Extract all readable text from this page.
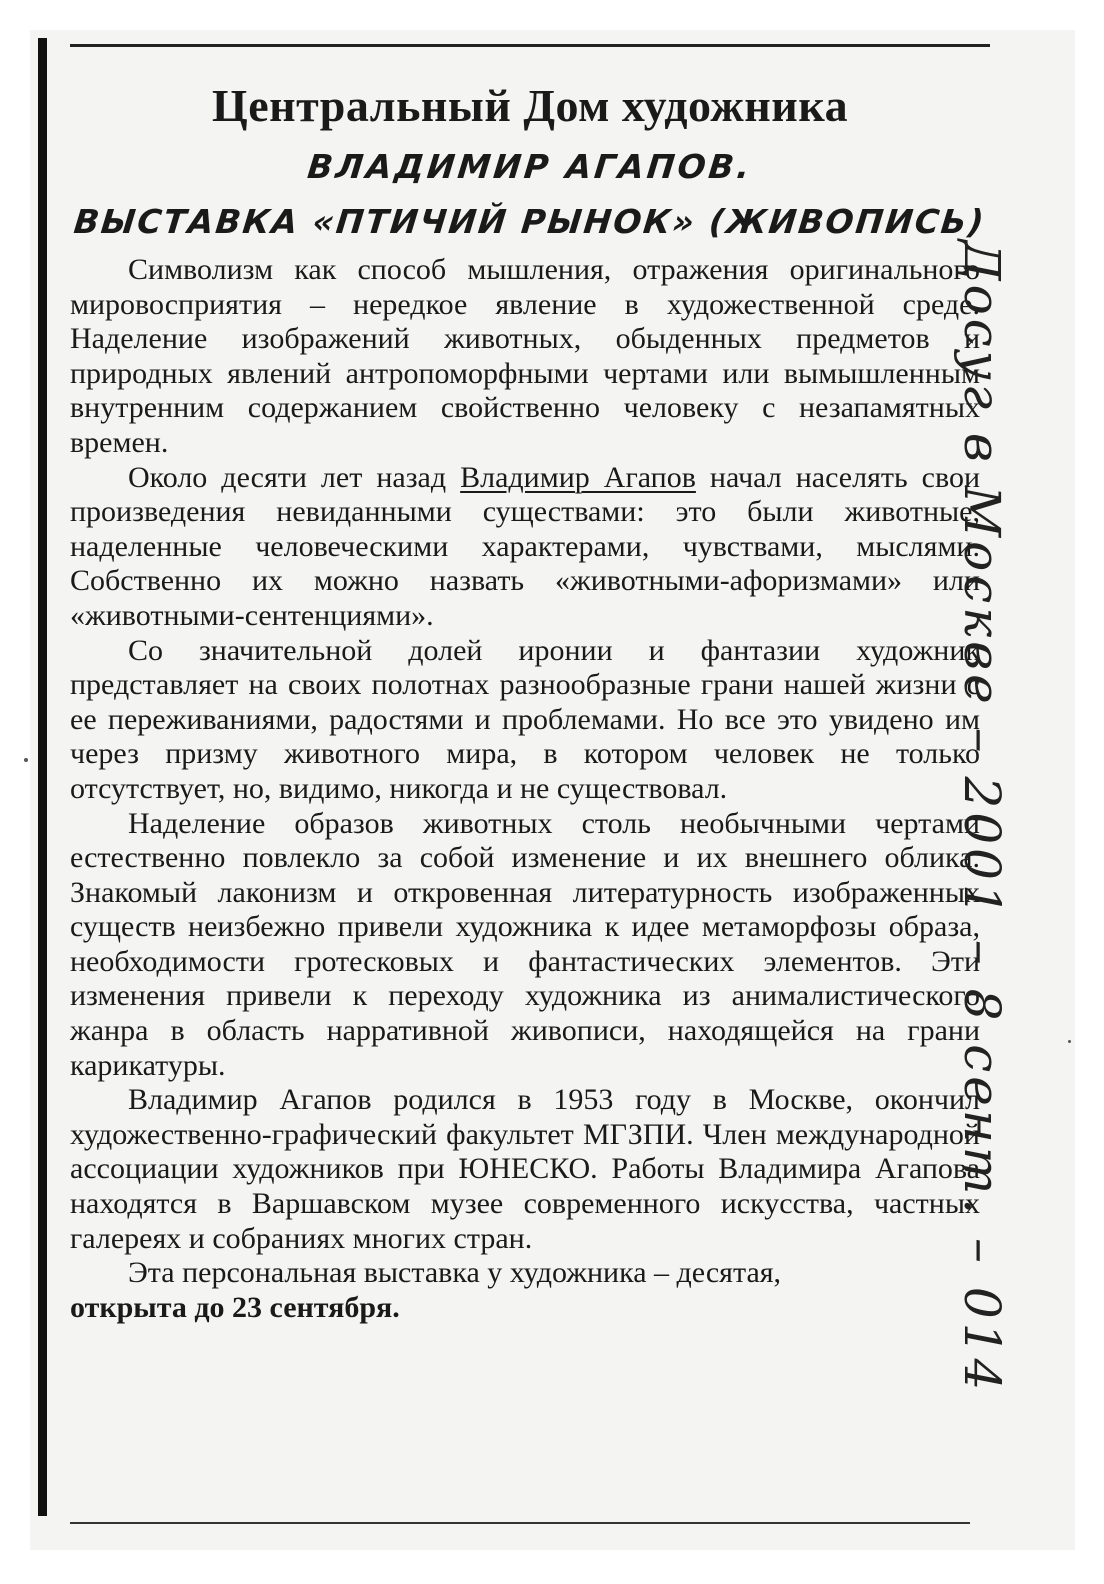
Центральный Дом художника
ВЛАДИМИР АГАПОВ.
ВЫСТАВКА «ПТИЧИЙ РЫНОК» (ЖИВОПИСЬ)

Символизм как способ мышления, отражения оригинального мировосприятия – нередкое явление в художественной среде. Наделение изображений животных, обыденных предметов и природных явлений антропоморфными чертами или вымышленным внутренним содержанием свойственно человеку с незапамятных времен.

Около десяти лет назад Владимир Агапов начал населять свои произведения невиданными существами: это были животные, наделенные человеческими характерами, чувствами, мыслями. Собственно их можно назвать «животными-афоризмами» или «животными-сентенциями».

Со значительной долей иронии и фантазии художник представляет на своих полотнах разнообразные грани нашей жизни с ее переживаниями, радостями и проблемами. Но все это увидено им через призму животного мира, в котором человек не только отсутствует, но, видимо, никогда и не существовал.

Наделение образов животных столь необычными чертами естественно повлекло за собой изменение и их внешнего облика. Знакомый лаконизм и откровенная литературность изображенных существ неизбежно привели художника к идее метаморфозы образа, необходимости гротесковых и фантастических элементов. Эти изменения привели к переходу художника из анималистического жанра в область нарративной живописи, находящейся на грани карикатуры.

Владимир Агапов родился в 1953 году в Москве, окончил художественно-графический факультет МГЗПИ. Член международной ассоциации художников при ЮНЕСКО. Работы Владимира Агапова находятся в Варшавском музее современного искусства, частных галереях и собраниях многих стран.

Эта персональная выставка у художника – десятая,
открыта до 23 сентября.	Досуг в Москве – 2001 – 8 сент. – 014
